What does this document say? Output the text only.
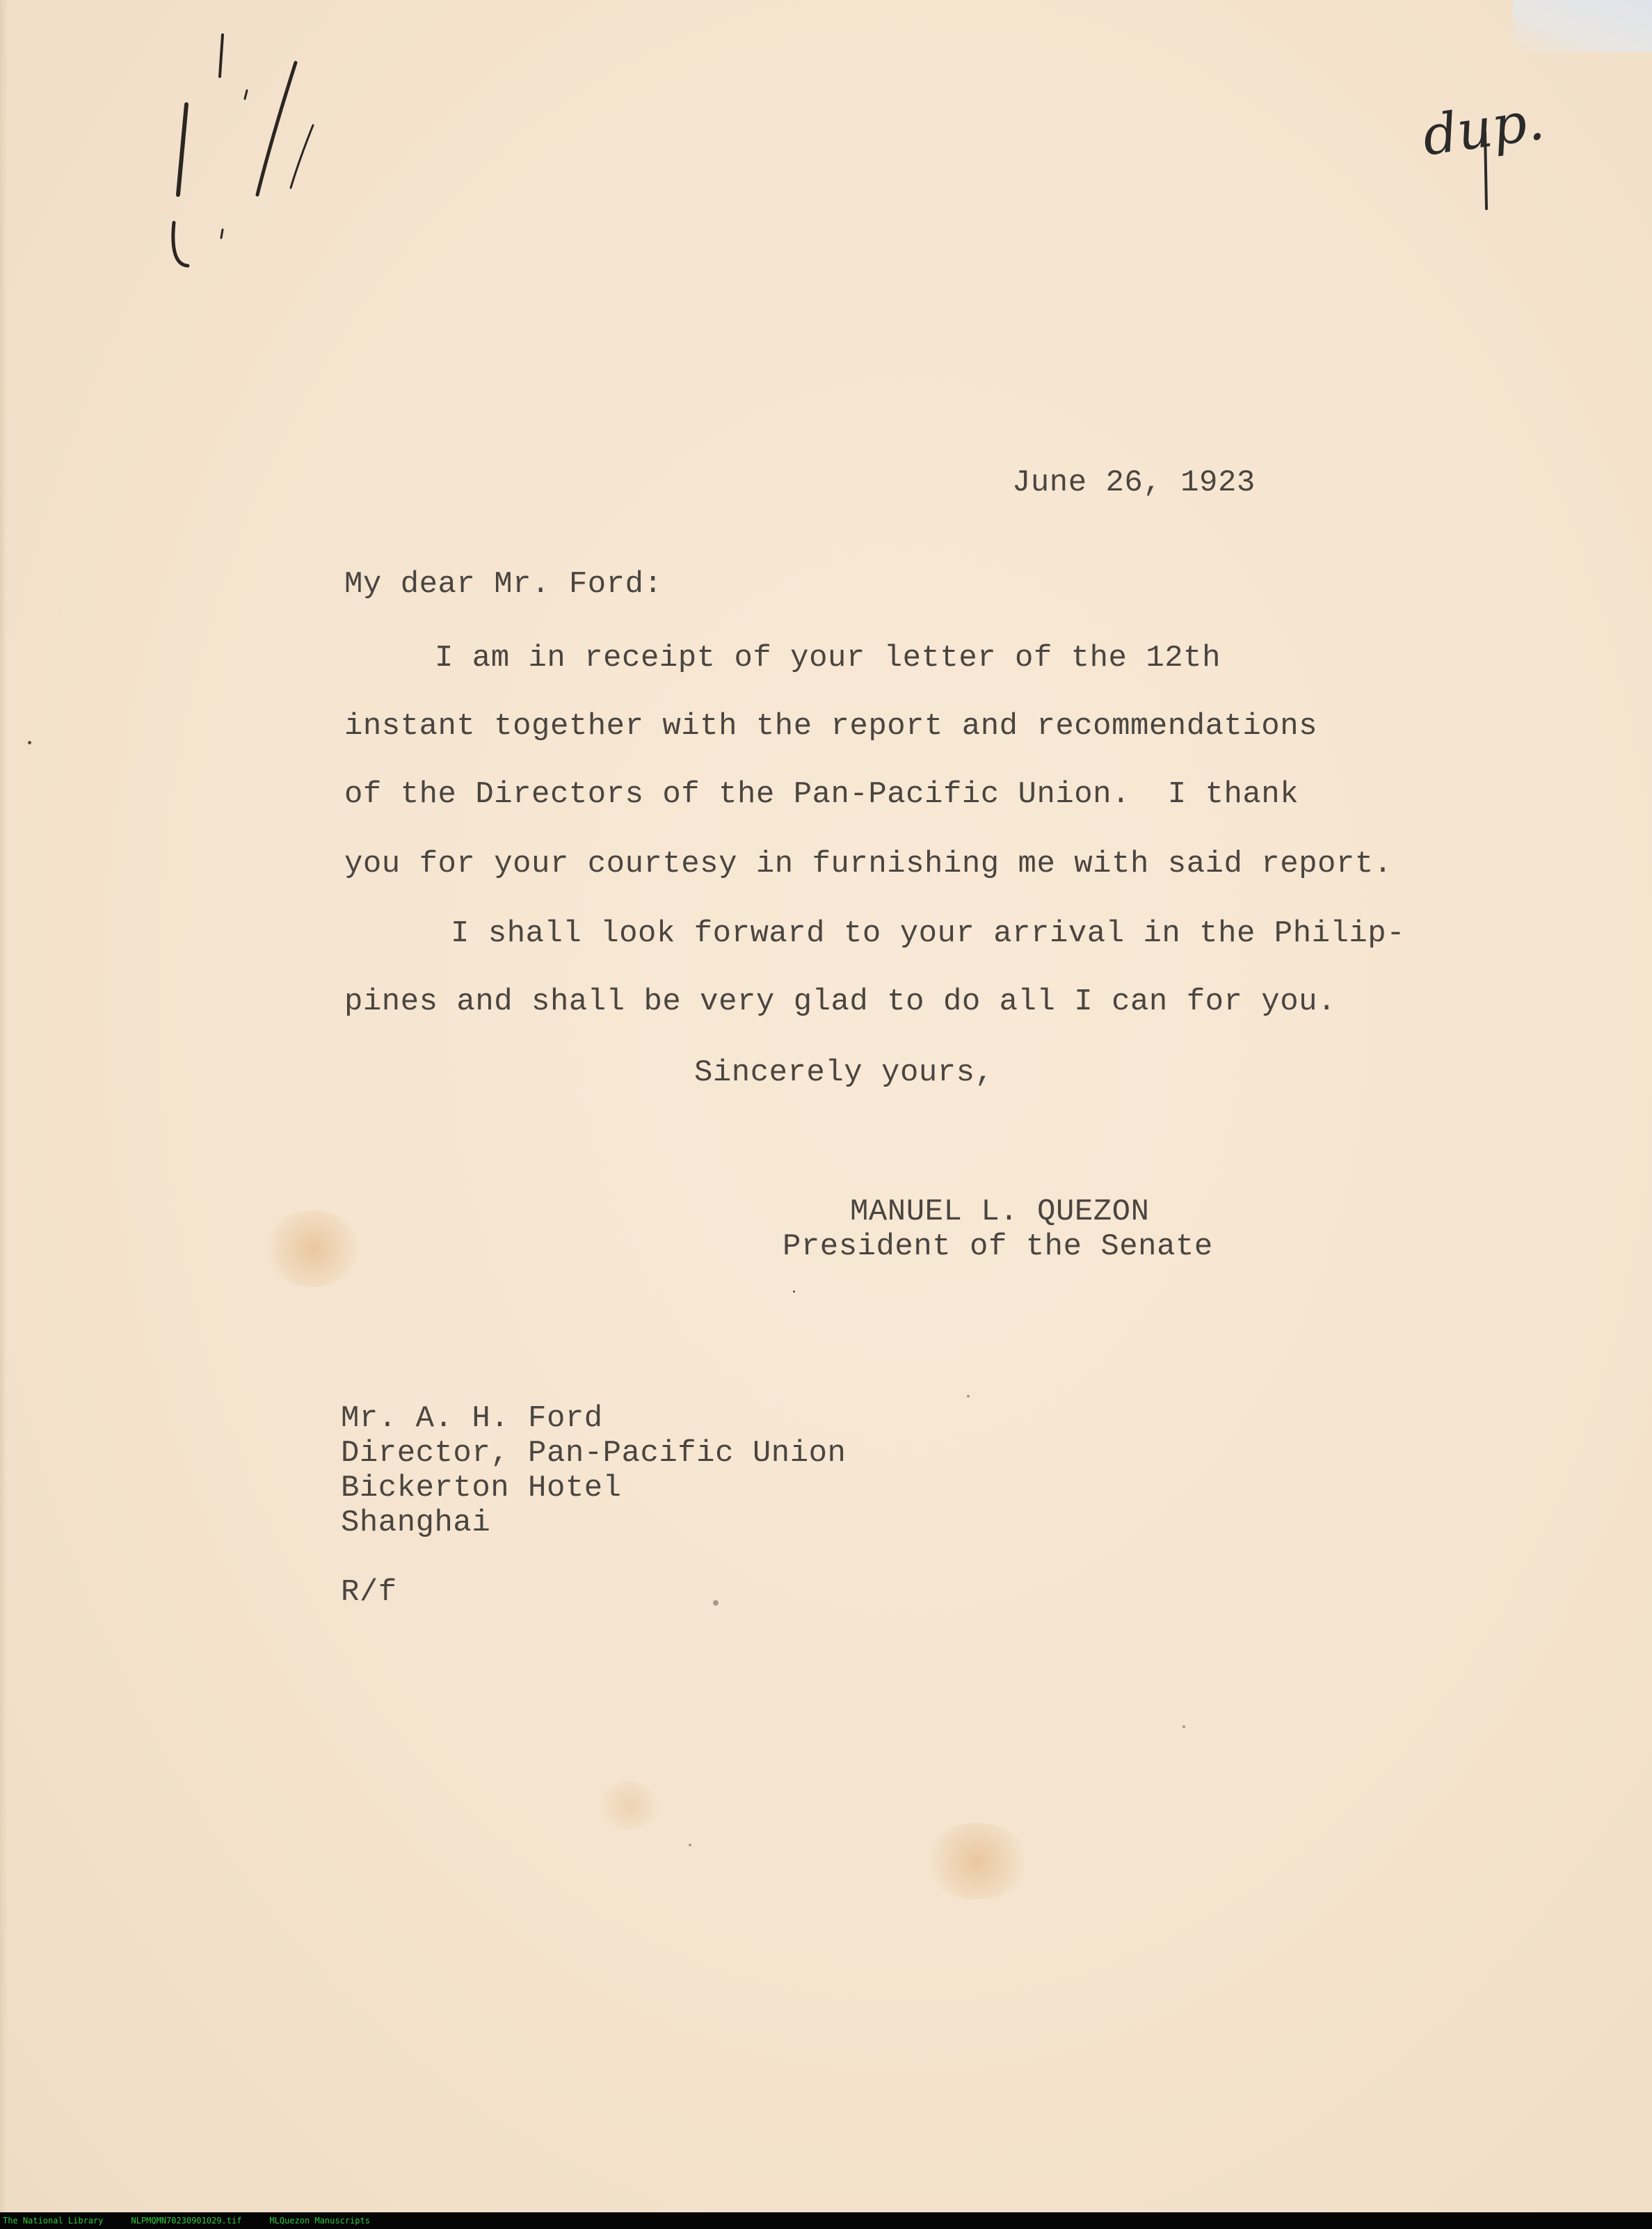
dup.
June 26, 1923
My dear Mr. Ford:
I am in receipt of your letter of the 12th
instant together with the report and recommendations
of the Directors of the Pan-Pacific Union.  I thank
you for your courtesy in furnishing me with said report.
I shall look forward to your arrival in the Philip-
pines and shall be very glad to do all I can for you.
Sincerely yours,
MANUEL L. QUEZON
President of the Senate
Mr. A. H. Ford
Director, Pan-Pacific Union
Bickerton Hotel
Shanghai
R/f
The National Library	NLPMQMN70230901029.tif	MLQuezon Manuscripts
